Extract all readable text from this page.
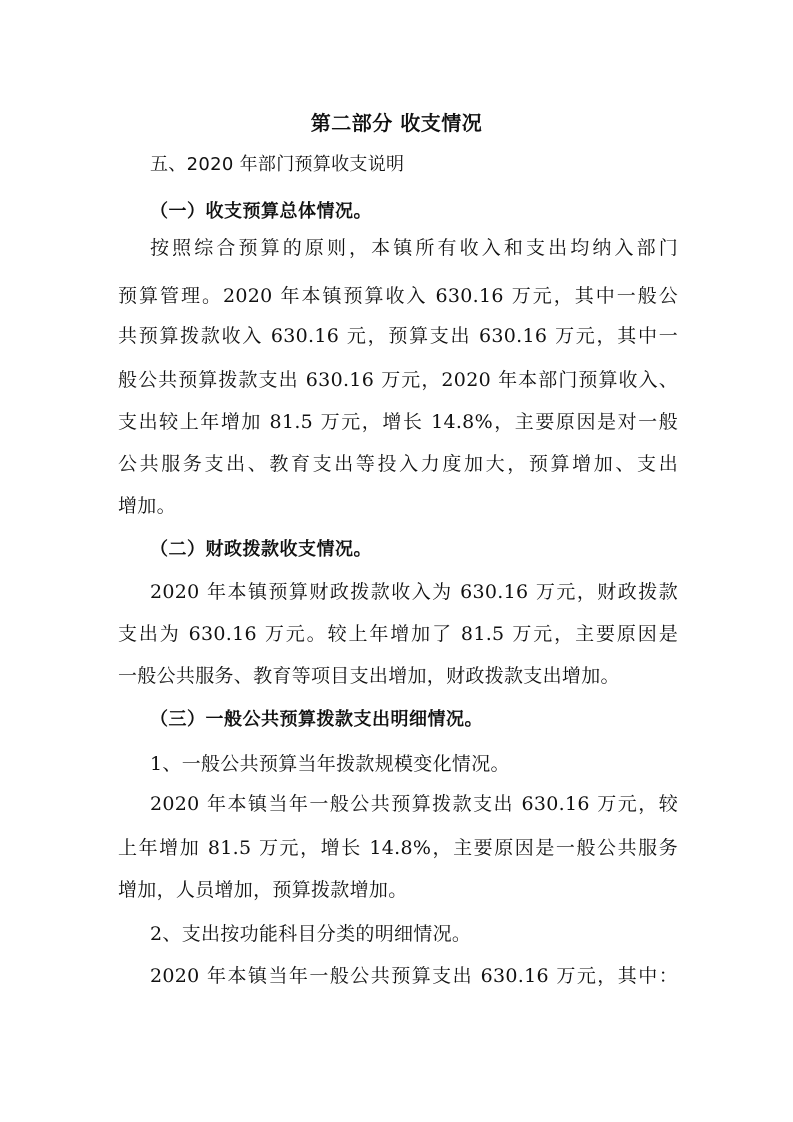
第二部分 收支情况
五、2020 年部门预算收支说明
（一）收支预算总体情况。
按照综合预算的原则，本镇所有收入和支出均纳入部门
预算管理。2020 年本镇预算收入 630.16 万元，其中一般公
共预算拨款收入 630.16 元，预算支出 630.16 万元，其中一
般公共预算拨款支出 630.16 万元，2020 年本部门预算收入、
支出较上年增加 81.5 万元，增长 14.8%，主要原因是对一般
公共服务支出、教育支出等投入力度加大，预算增加、支出
增加。
（二）财政拨款收支情况。
2020 年本镇预算财政拨款收入为 630.16 万元，财政拨款
支出为 630.16 万元。较上年增加了 81.5 万元，主要原因是
一般公共服务、教育等项目支出增加，财政拨款支出增加。
（三）一般公共预算拨款支出明细情况。
1、一般公共预算当年拨款规模变化情况。
2020 年本镇当年一般公共预算拨款支出 630.16 万元，较
上年增加 81.5 万元，增长 14.8%，主要原因是一般公共服务
增加，人员增加，预算拨款增加。
2、支出按功能科目分类的明细情况。
2020 年本镇当年一般公共预算支出 630.16 万元，其中：
